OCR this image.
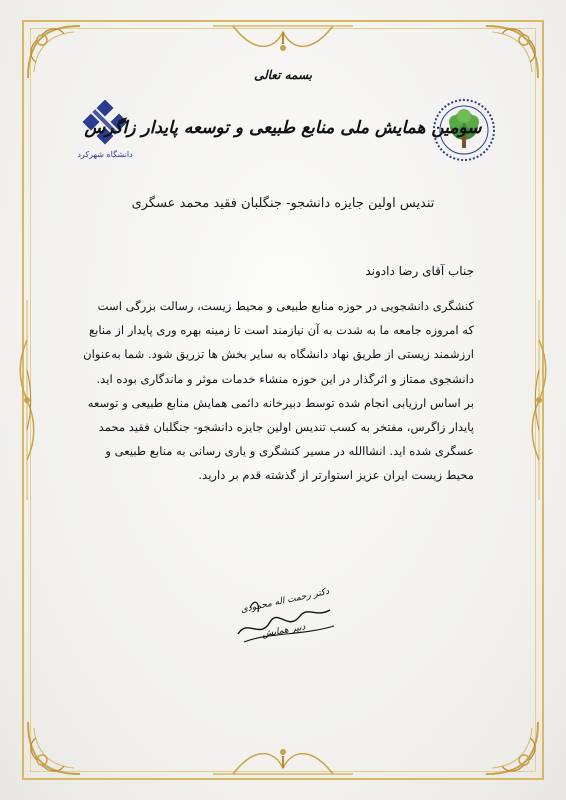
دانشگاه شهرکرد
بسمه تعالی
سومین همایش ملی منابع طبیعی و توسعه پایدار زاگرس
تندیس اولین جایزه دانشجو- جنگلبان فقید محمد عسگری
جناب آقای رضا دادوند
کنشگری دانشجویی در حوزه منابع طبیعی و محیط زیست، رسالت بزرگی است
که امروزه جامعه ما به شدت به آن نیازمند است تا زمینه بهره وری پایدار از منابع
ارزشمند زیستی از طریق نهاد دانشگاه به سایر بخش ها تزریق شود. شما به‌عنوان
دانشجوی ممتاز و اثرگذار در این حوزه منشاء خدمات موثر و ماندگاری بوده اید.
بر اساس ارزیابی انجام شده توسط دبیرخانه دائمی همایش منابع طبیعی و توسعه
پایدار زاگرس، مفتخر به کسب تندیس اولین جایزه دانشجو- جنگلبان فقید محمد
عسگری شده اید. انشاالله در مسیر کنشگری و یاری رسانی به منابع طبیعی و
محیط زیست ایران عزیز استوارتر از گذشته قدم بر دارید.
دکتر رحمت اله محمودی
دبیر همایش
